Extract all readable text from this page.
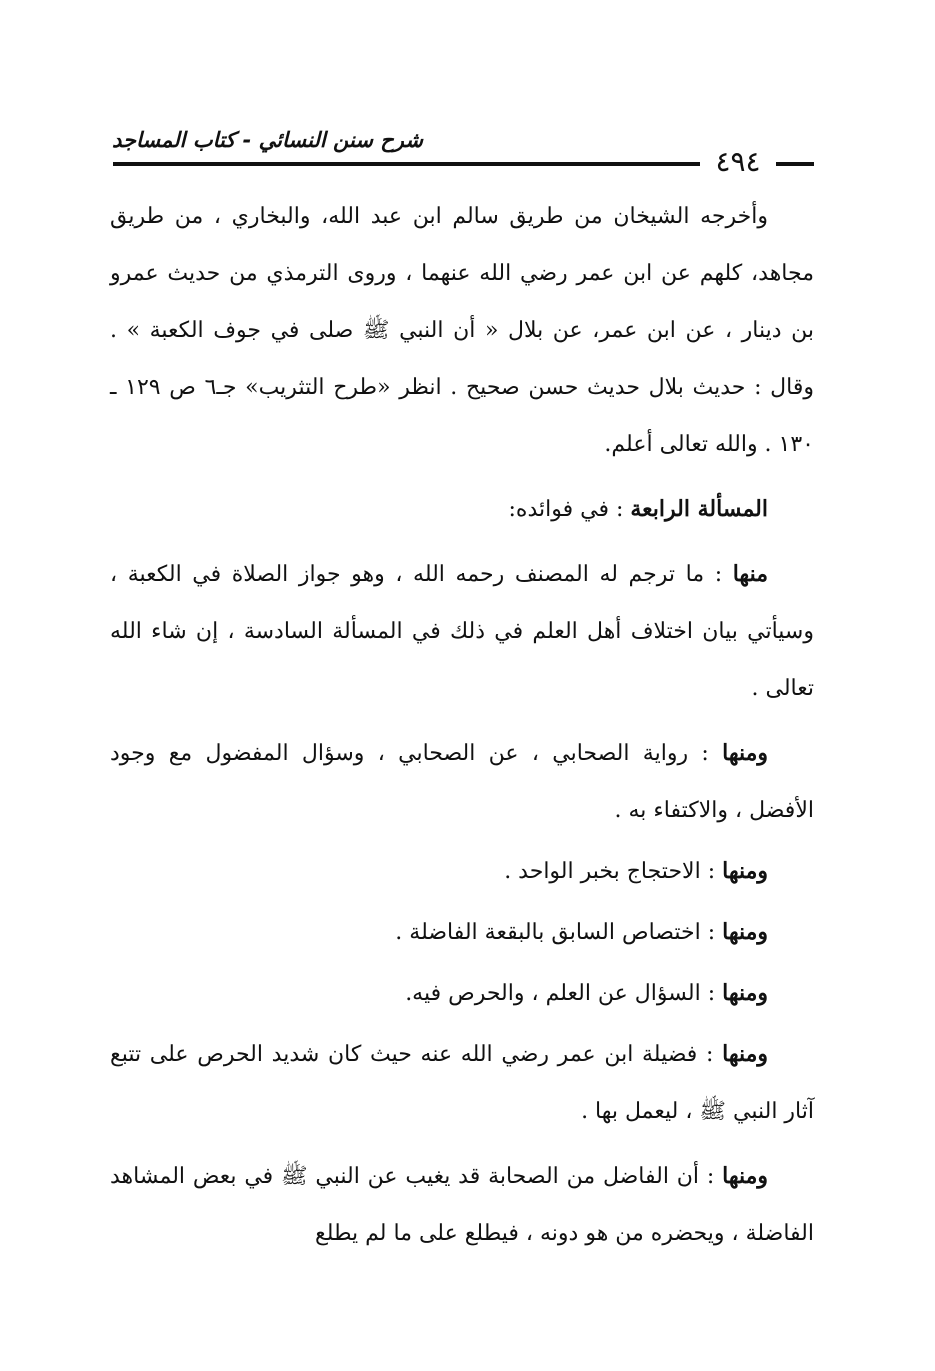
شرح سنن النسائي - كتاب المساجد
٤٩٤

وأخرجه الشيخان من طريق سالم ابن عبد الله، والبخاري ، من طريق مجاهد، كلهم عن ابن عمر رضي الله عنهما ، وروى الترمذي من حديث عمرو بن دينار ، عن ابن عمر، عن بلال « أن النبي ﷺ صلى في جوف الكعبة » . وقال : حديث بلال حديث حسن صحيح . انظر «طرح التثريب» جـ٦ ص ١٢٩ ـ ١٣٠ . والله تعالى أعلم.

المسألة الرابعة : في فوائده:

منها : ما ترجم له المصنف رحمه الله ، وهو جواز الصلاة في الكعبة ، وسيأتي بيان اختلاف أهل العلم في ذلك في المسألة السادسة ، إن شاء الله تعالى .

ومنها : رواية الصحابي ، عن الصحابي ، وسؤال المفضول مع وجود الأفضل ، والاكتفاء به .

ومنها : الاحتجاج بخبر الواحد .

ومنها : اختصاص السابق بالبقعة الفاضلة .

ومنها : السؤال عن العلم ، والحرص فيه.

ومنها : فضيلة ابن عمر رضي الله عنه حيث كان شديد الحرص على تتبع آثار النبي ﷺ ، ليعمل بها .

ومنها : أن الفاضل من الصحابة قد يغيب عن النبي ﷺ في بعض المشاهد الفاضلة ، ويحضره من هو دونه ، فيطلع على ما لم يطلع
